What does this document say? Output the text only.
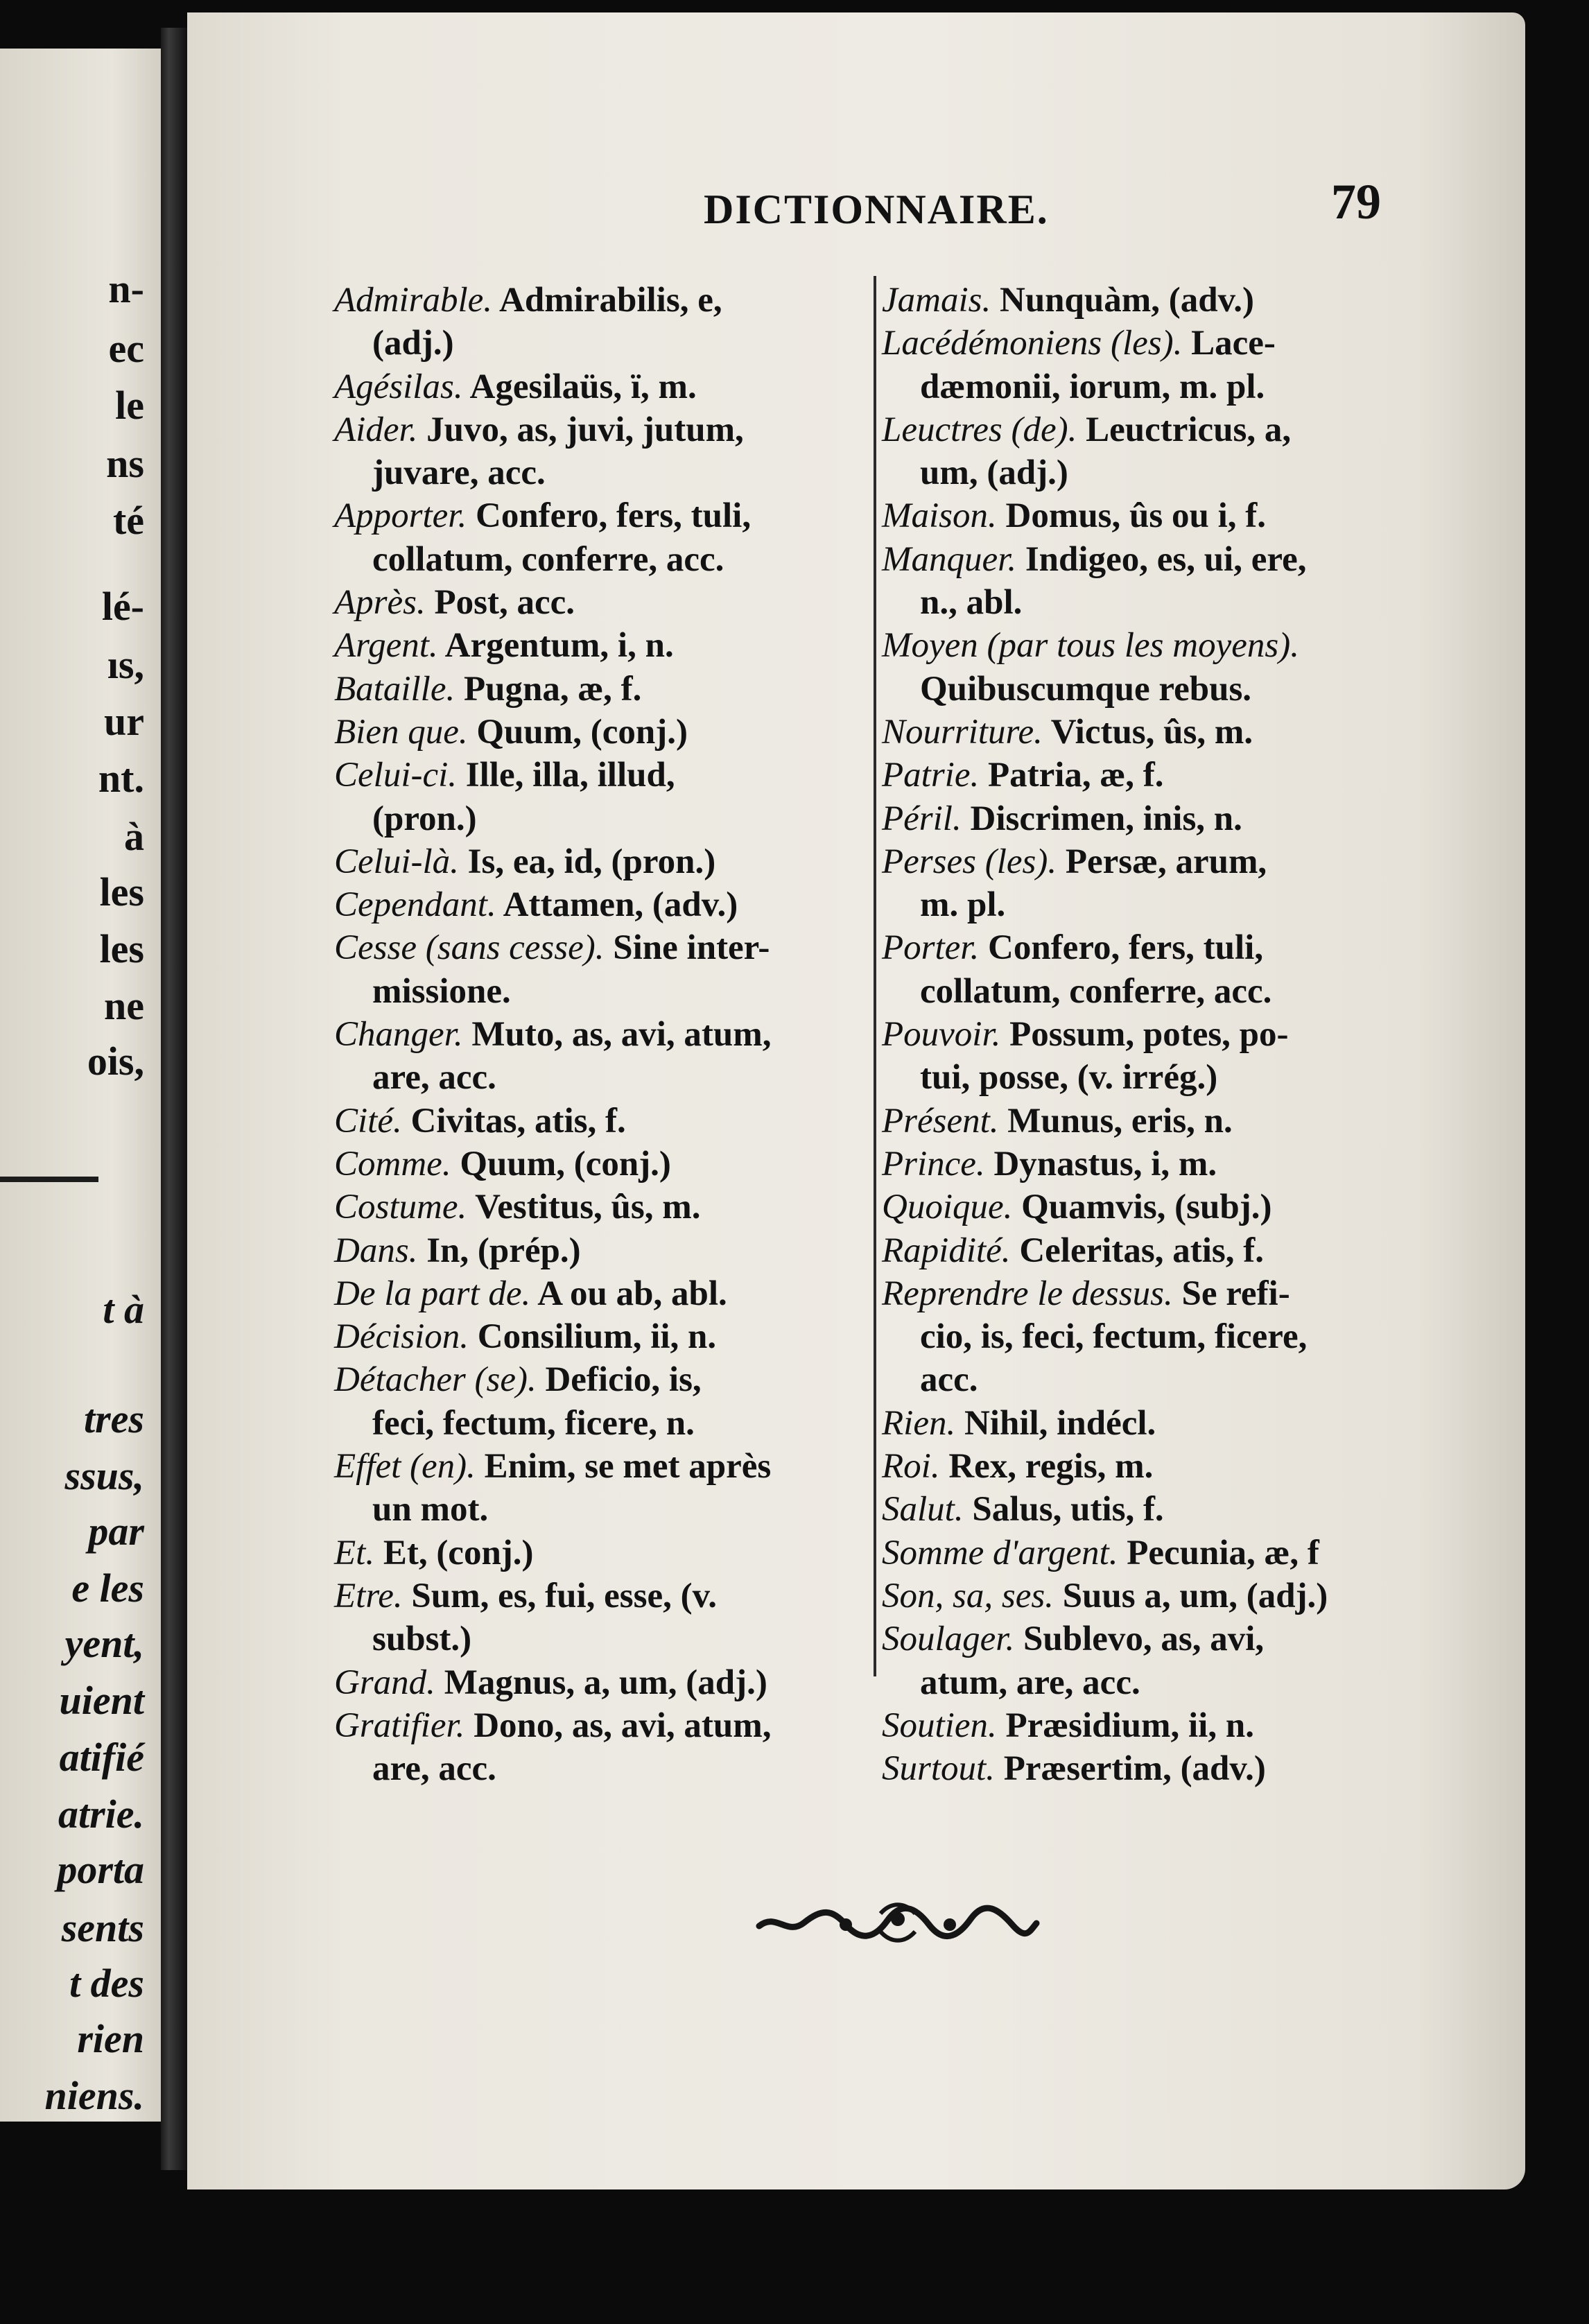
n-
ec
le
ns
té
lé-
ıs,
ur
nt.
à
les
les
ne
ois,
t à
tres
ssus,
par
e les
yent,
uient
atifié
atrie.
porta
sents
t des
rien
niens.
DICTIONNAIRE.	79
Admirable. Admirabilis, e,
(adj.)
Agésilas. Agesilaüs, ï, m.
Aider. Juvo, as, juvi, jutum,
juvare, acc.
Apporter. Confero, fers, tuli,
collatum, conferre, acc.
Après. Post, acc.
Argent. Argentum, i, n.
Bataille. Pugna, æ, f.
Bien que. Quum, (conj.)
Celui-ci. Ille, illa, illud,
(pron.)
Celui-là. Is, ea, id, (pron.)
Cependant. Attamen, (adv.)
Cesse (sans cesse). Sine inter-
missione.
Changer. Muto, as, avi, atum,
are, acc.
Cité. Civitas, atis, f.
Comme. Quum, (conj.)
Costume. Vestitus, ûs, m.
Dans. In, (prép.)
De la part de. A ou ab, abl.
Décision. Consilium, ii, n.
Détacher (se). Deficio, is,
feci, fectum, ficere, n.
Effet (en). Enim, se met après
un mot.
Et. Et, (conj.)
Etre. Sum, es, fui, esse, (v.
subst.)
Grand. Magnus, a, um, (adj.)
Gratifier. Dono, as, avi, atum,
are, acc.
Jamais. Nunquàm, (adv.)
Lacédémoniens (les). Lace-
dæmonii, iorum, m. pl.
Leuctres (de). Leuctricus, a,
um, (adj.)
Maison. Domus, ûs ou i, f.
Manquer. Indigeo, es, ui, ere,
n., abl.
Moyen (par tous les moyens).
Quibuscumque rebus.
Nourriture. Victus, ûs, m.
Patrie. Patria, æ, f.
Péril. Discrimen, inis, n.
Perses (les). Persæ, arum,
m. pl.
Porter. Confero, fers, tuli,
collatum, conferre, acc.
Pouvoir. Possum, potes, po-
tui, posse, (v. irrég.)
Présent. Munus, eris, n.
Prince. Dynastus, i, m.
Quoique. Quamvis, (subj.)
Rapidité. Celeritas, atis, f.
Reprendre le dessus. Se refi-
cio, is, feci, fectum, ficere,
acc.
Rien. Nihil, indécl.
Roi. Rex, regis, m.
Salut. Salus, utis, f.
Somme d'argent. Pecunia, æ, f
Son, sa, ses. Suus a, um, (adj.)
Soulager. Sublevo, as, avi,
atum, are, acc.
Soutien. Præsidium, ii, n.
Surtout. Præsertim, (adv.)
